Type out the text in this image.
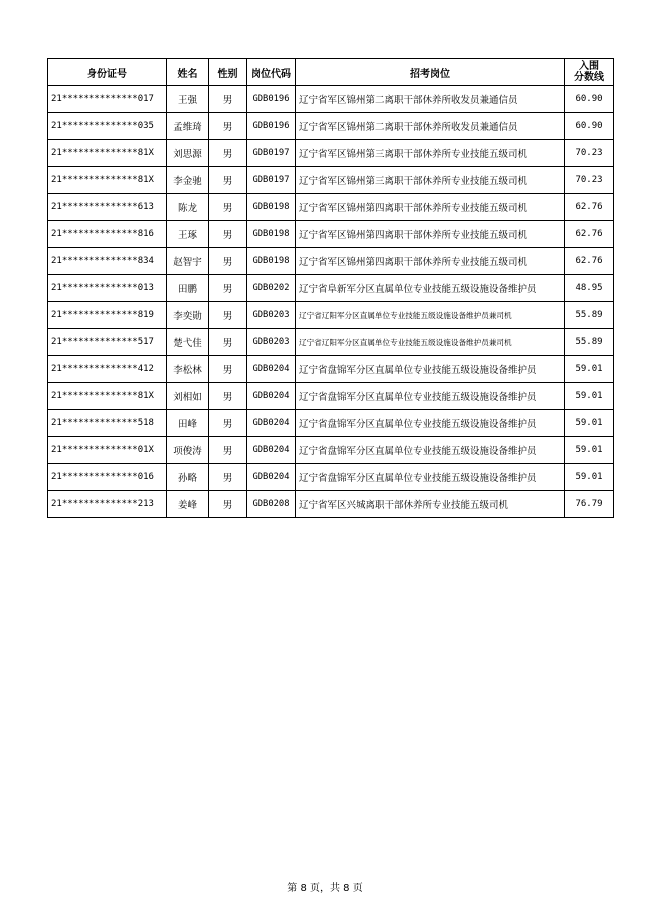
身份证号	姓名	性别	岗位代码	招考岗位	入围
分数线
21**************017	王强	男	GDB0196	辽宁省军区锦州第二离职干部休养所收发员兼通信员	60.90
21**************035	孟维琦	男	GDB0196	辽宁省军区锦州第二离职干部休养所收发员兼通信员	60.90
21**************81X	刘思源	男	GDB0197	辽宁省军区锦州第三离职干部休养所专业技能五级司机	70.23
21**************81X	李金驰	男	GDB0197	辽宁省军区锦州第三离职干部休养所专业技能五级司机	70.23
21**************613	陈龙	男	GDB0198	辽宁省军区锦州第四离职干部休养所专业技能五级司机	62.76
21**************816	王琢	男	GDB0198	辽宁省军区锦州第四离职干部休养所专业技能五级司机	62.76
21**************834	赵智宇	男	GDB0198	辽宁省军区锦州第四离职干部休养所专业技能五级司机	62.76
21**************013	田鹏	男	GDB0202	辽宁省阜新军分区直属单位专业技能五级设施设备维护员	48.95
21**************819	李奕勋	男	GDB0203	辽宁省辽阳军分区直属单位专业技能五级设施设备维护员兼司机	55.89
21**************517	楚弋佳	男	GDB0203	辽宁省辽阳军分区直属单位专业技能五级设施设备维护员兼司机	55.89
21**************412	李松林	男	GDB0204	辽宁省盘锦军分区直属单位专业技能五级设施设备维护员	59.01
21**************81X	刘相如	男	GDB0204	辽宁省盘锦军分区直属单位专业技能五级设施设备维护员	59.01
21**************518	田峰	男	GDB0204	辽宁省盘锦军分区直属单位专业技能五级设施设备维护员	59.01
21**************01X	项俊涛	男	GDB0204	辽宁省盘锦军分区直属单位专业技能五级设施设备维护员	59.01
21**************016	孙略	男	GDB0204	辽宁省盘锦军分区直属单位专业技能五级设施设备维护员	59.01
21**************213	姜峰	男	GDB0208	辽宁省军区兴城离职干部休养所专业技能五级司机	76.79
第 8 页，共 8 页
